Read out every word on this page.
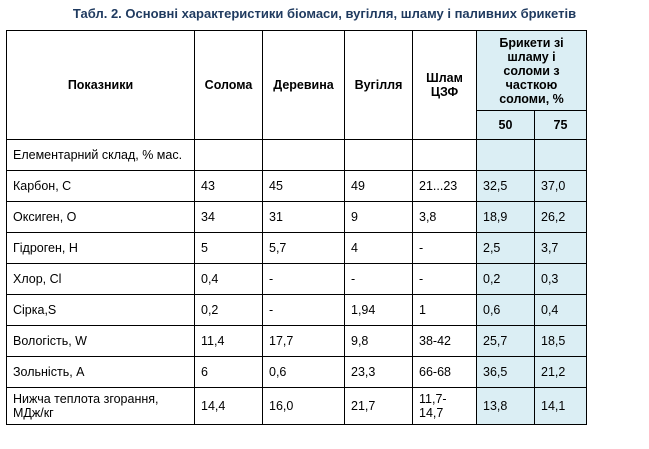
Табл. 2. Основні характеристики біомаси, вугілля, шламу і паливних брикетів
Показники	Солома	Деревина	Вугілля	Шлам ЦЗФ	Брикети зі шламу і соломи з часткою соломи, %	
					50	75
Елементарний склад, % мас.						
Карбон, С	43	45	49	21...23	32,5	37,0
Оксиген, О	34	31	9	3,8	18,9	26,2
Гідроген, Н	5	5,7	4	-	2,5	3,7
Хлор, Cl	0,4	-	-	-	0,2	0,3
Сірка,S	0,2	-	1,94	1	0,6	0,4
Вологість, W	11,4	17,7	9,8	38-42	25,7	18,5
Зольність, А	6	0,6	23,3	66-68	36,5	21,2
Нижча теплота згорання, МДж/кг	14,4	16,0	21,7	11,7-14,7	13,8	14,1
